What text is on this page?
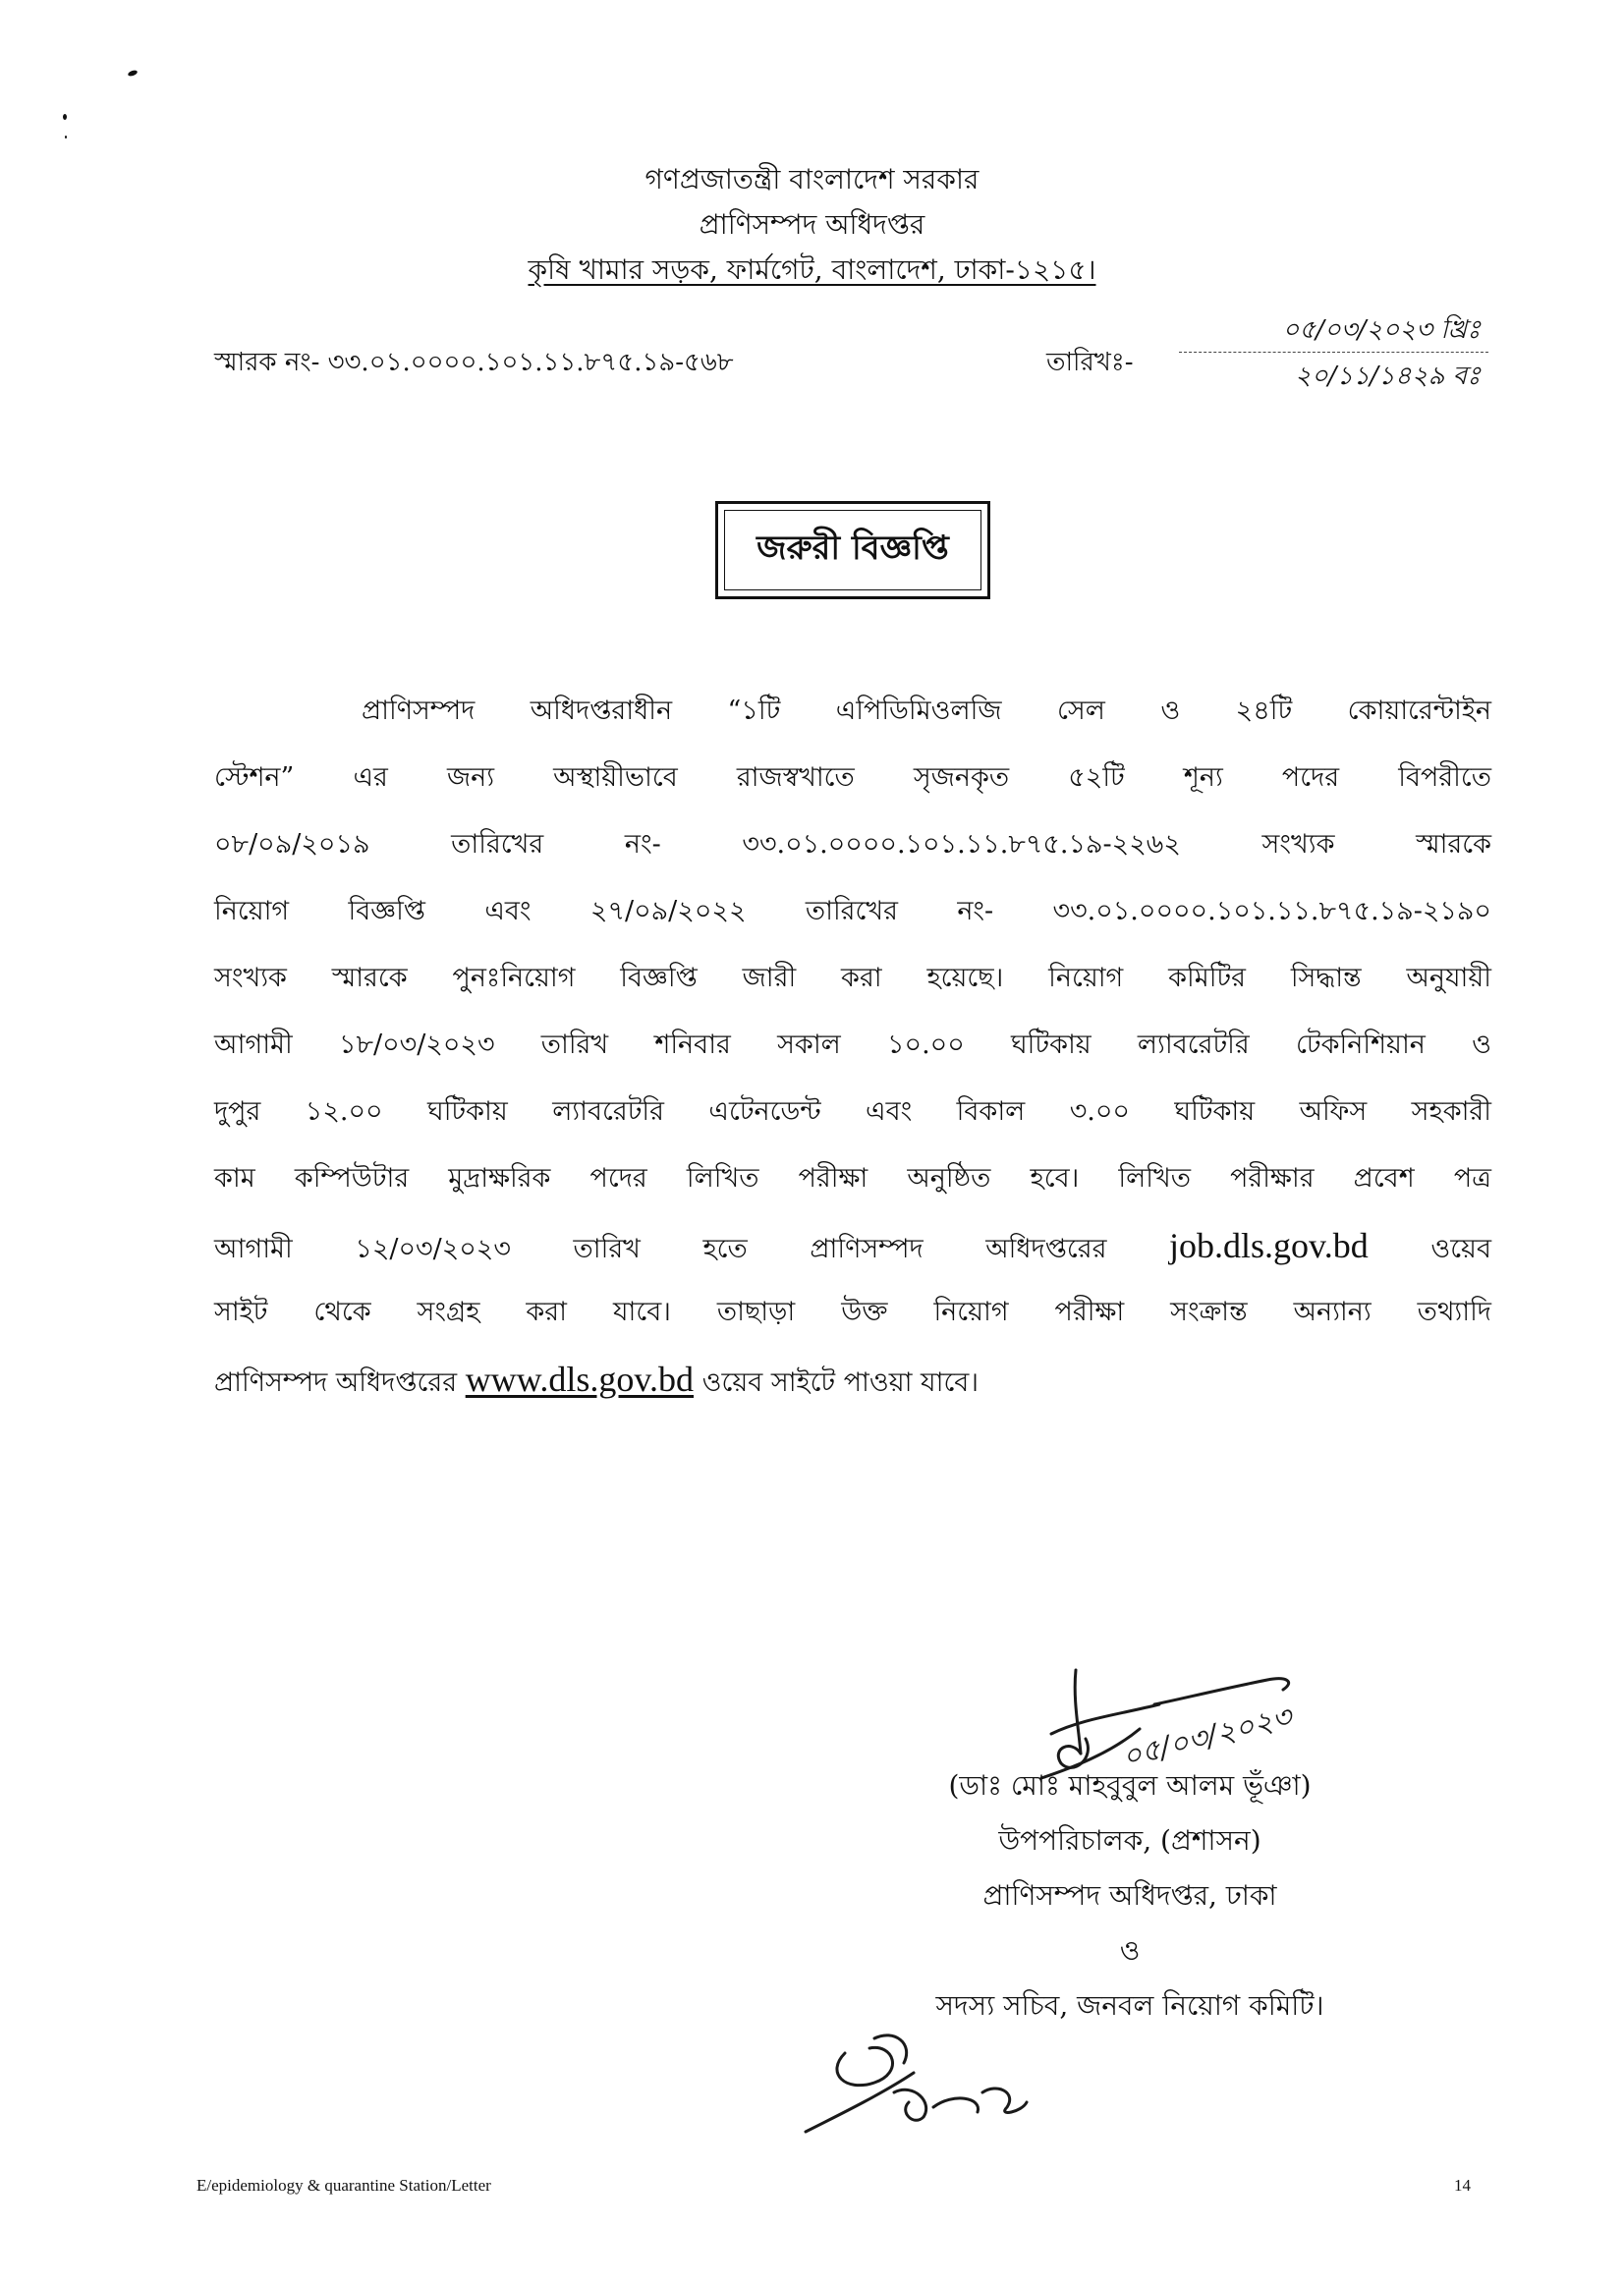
গণপ্রজাতন্ত্রী বাংলাদেশ সরকার
প্রাণিসম্পদ অধিদপ্তর
কৃষি খামার সড়ক, ফার্মগেট, বাংলাদেশ, ঢাকা-১২১৫।
স্মারক নং- ৩৩.০১.০০০০.১০১.১১.৮৭৫.১৯-৫৬৮	তারিখঃ-
০৫/০৩/২০২৩ খ্রিঃ
২০/১১/১৪২৯ বঃ
জরুরী বিজ্ঞপ্তি
প্রাণিসম্পদ অধিদপ্তরাধীন “১টি এপিডিমিওলজি সেল ও ২৪টি কোয়ারেন্টাইন
স্টেশন” এর জন্য অস্থায়ীভাবে রাজস্বখাতে সৃজনকৃত ৫২টি শূন্য পদের বিপরীতে
০৮/০৯/২০১৯ তারিখের নং- ৩৩.০১.০০০০.১০১.১১.৮৭৫.১৯-২২৬২ সংখ্যক স্মারকে
নিয়োগ বিজ্ঞপ্তি এবং ২৭/০৯/২০২২ তারিখের নং- ৩৩.০১.০০০০.১০১.১১.৮৭৫.১৯-২১৯০
সংখ্যক স্মারকে পুনঃনিয়োগ বিজ্ঞপ্তি জারী করা হয়েছে। নিয়োগ কমিটির সিদ্ধান্ত অনুযায়ী
আগামী ১৮/০৩/২০২৩ তারিখ শনিবার সকাল ১০.০০ ঘটিকায় ল্যাবরেটরি টেকনিশিয়ান ও
দুপুর ১২.০০ ঘটিকায় ল্যাবরেটরি এটেনডেন্ট এবং বিকাল ৩.০০ ঘটিকায় অফিস সহকারী
কাম কম্পিউটার মুদ্রাক্ষরিক পদের লিখিত পরীক্ষা অনুষ্ঠিত হবে। লিখিত পরীক্ষার প্রবেশ পত্র
আগামী ১২/০৩/২০২৩ তারিখ হতে প্রাণিসম্পদ অধিদপ্তরের job.dls.gov.bd ওয়েব
সাইট থেকে সংগ্রহ করা যাবে। তাছাড়া উক্ত নিয়োগ পরীক্ষা সংক্রান্ত অন্যান্য তথ্যাদি
প্রাণিসম্পদ অধিদপ্তরের www.dls.gov.bd ওয়েব সাইটে পাওয়া যাবে।
০৫/০৩/২০২৩
(ডাঃ মোঃ মাহবুবুল আলম ভূঁঞা)
উপপরিচালক, (প্রশাসন)
প্রাণিসম্পদ অধিদপ্তর, ঢাকা
ও
সদস্য সচিব, জনবল নিয়োগ কমিটি।
E/epidemiology & quarantine Station/Letter	14
